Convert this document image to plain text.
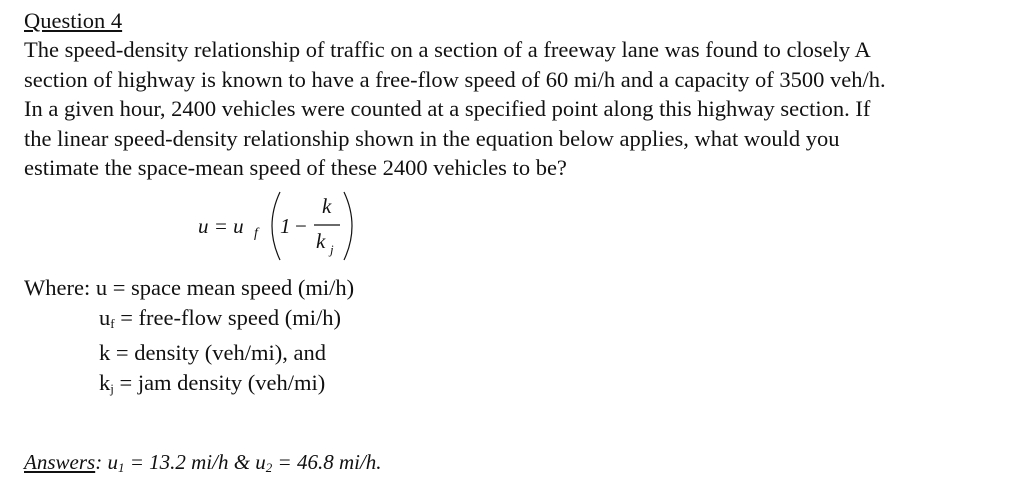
Question 4
The speed-density relationship of traffic on a section of a freeway lane was found to closely A
section of highway is known to have a free-flow speed of 60 mi/h and a capacity of 3500 veh/h.
In a given hour, 2400 vehicles were counted at a specified point along this highway section. If
the linear speed-density relationship shown in the equation below applies, what would you
estimate the space-mean speed of these 2400 vehicles to be?
u = u f 1 −
k
k j
Where: u = space mean speed (mi/h)
$u_f$ = free-flow speed (mi/h)
k = density (veh/mi), and
$k_j$ = jam density (veh/mi)
Answers: $u_1 = 13.2$ mi/h & $u_2 = 46.8$ mi/h.
